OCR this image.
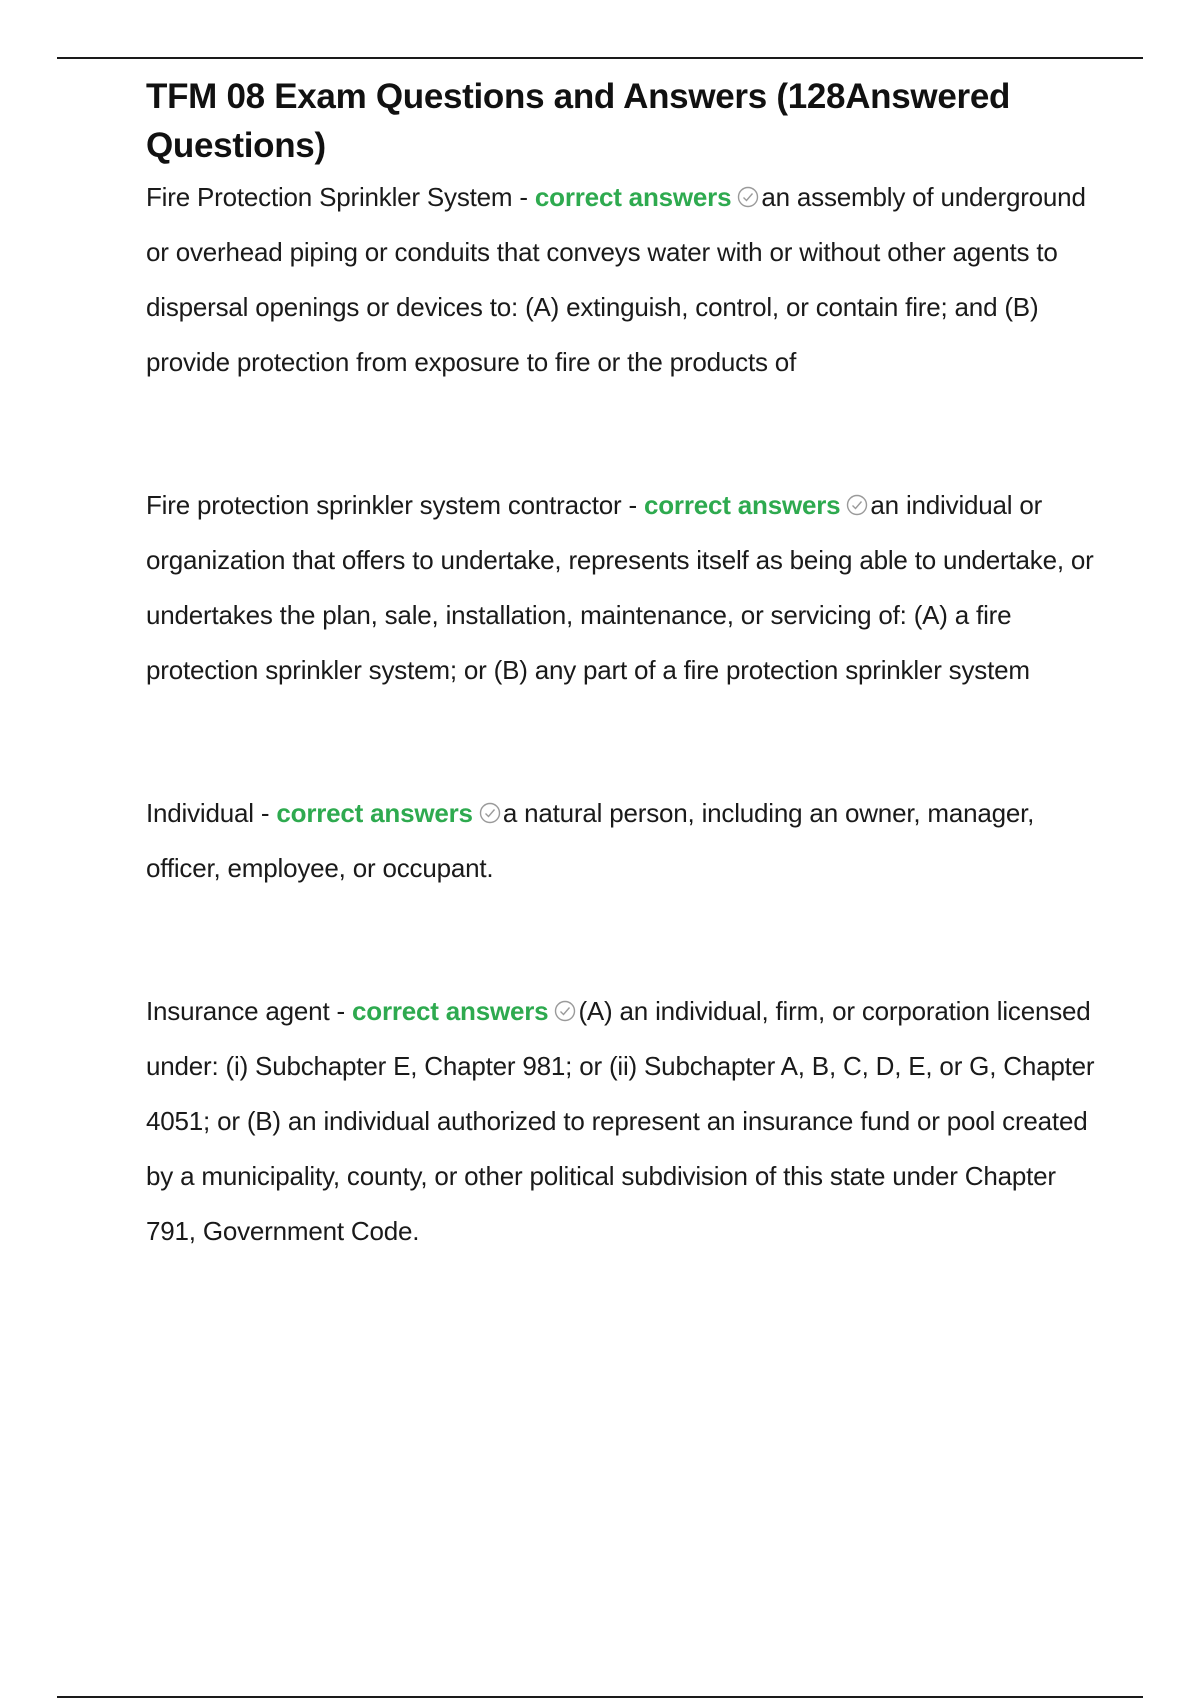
TFM 08 Exam Questions and Answers (128Answered Questions)

Fire Protection Sprinkler System - correct answers an assembly of underground or overhead piping or conduits that conveys water with or without other agents to dispersal openings or devices to: (A) extinguish, control, or contain fire; and (B) provide protection from exposure to fire or the products of

Fire protection sprinkler system contractor - correct answers an individual or organization that offers to undertake, represents itself as being able to undertake, or undertakes the plan, sale, installation, maintenance, or servicing of: (A) a fire protection sprinkler system; or (B) any part of a fire protection sprinkler system

Individual - correct answers a natural person, including an owner, manager, officer, employee, or occupant.

Insurance agent - correct answers (A) an individual, firm, or corporation licensed under: (i) Subchapter E, Chapter 981; or (ii) Subchapter A, B, C, D, E, or G, Chapter 4051; or (B) an individual authorized to represent an insurance fund or pool created by a municipality, county, or other political subdivision of this state under Chapter 791, Government Code.
